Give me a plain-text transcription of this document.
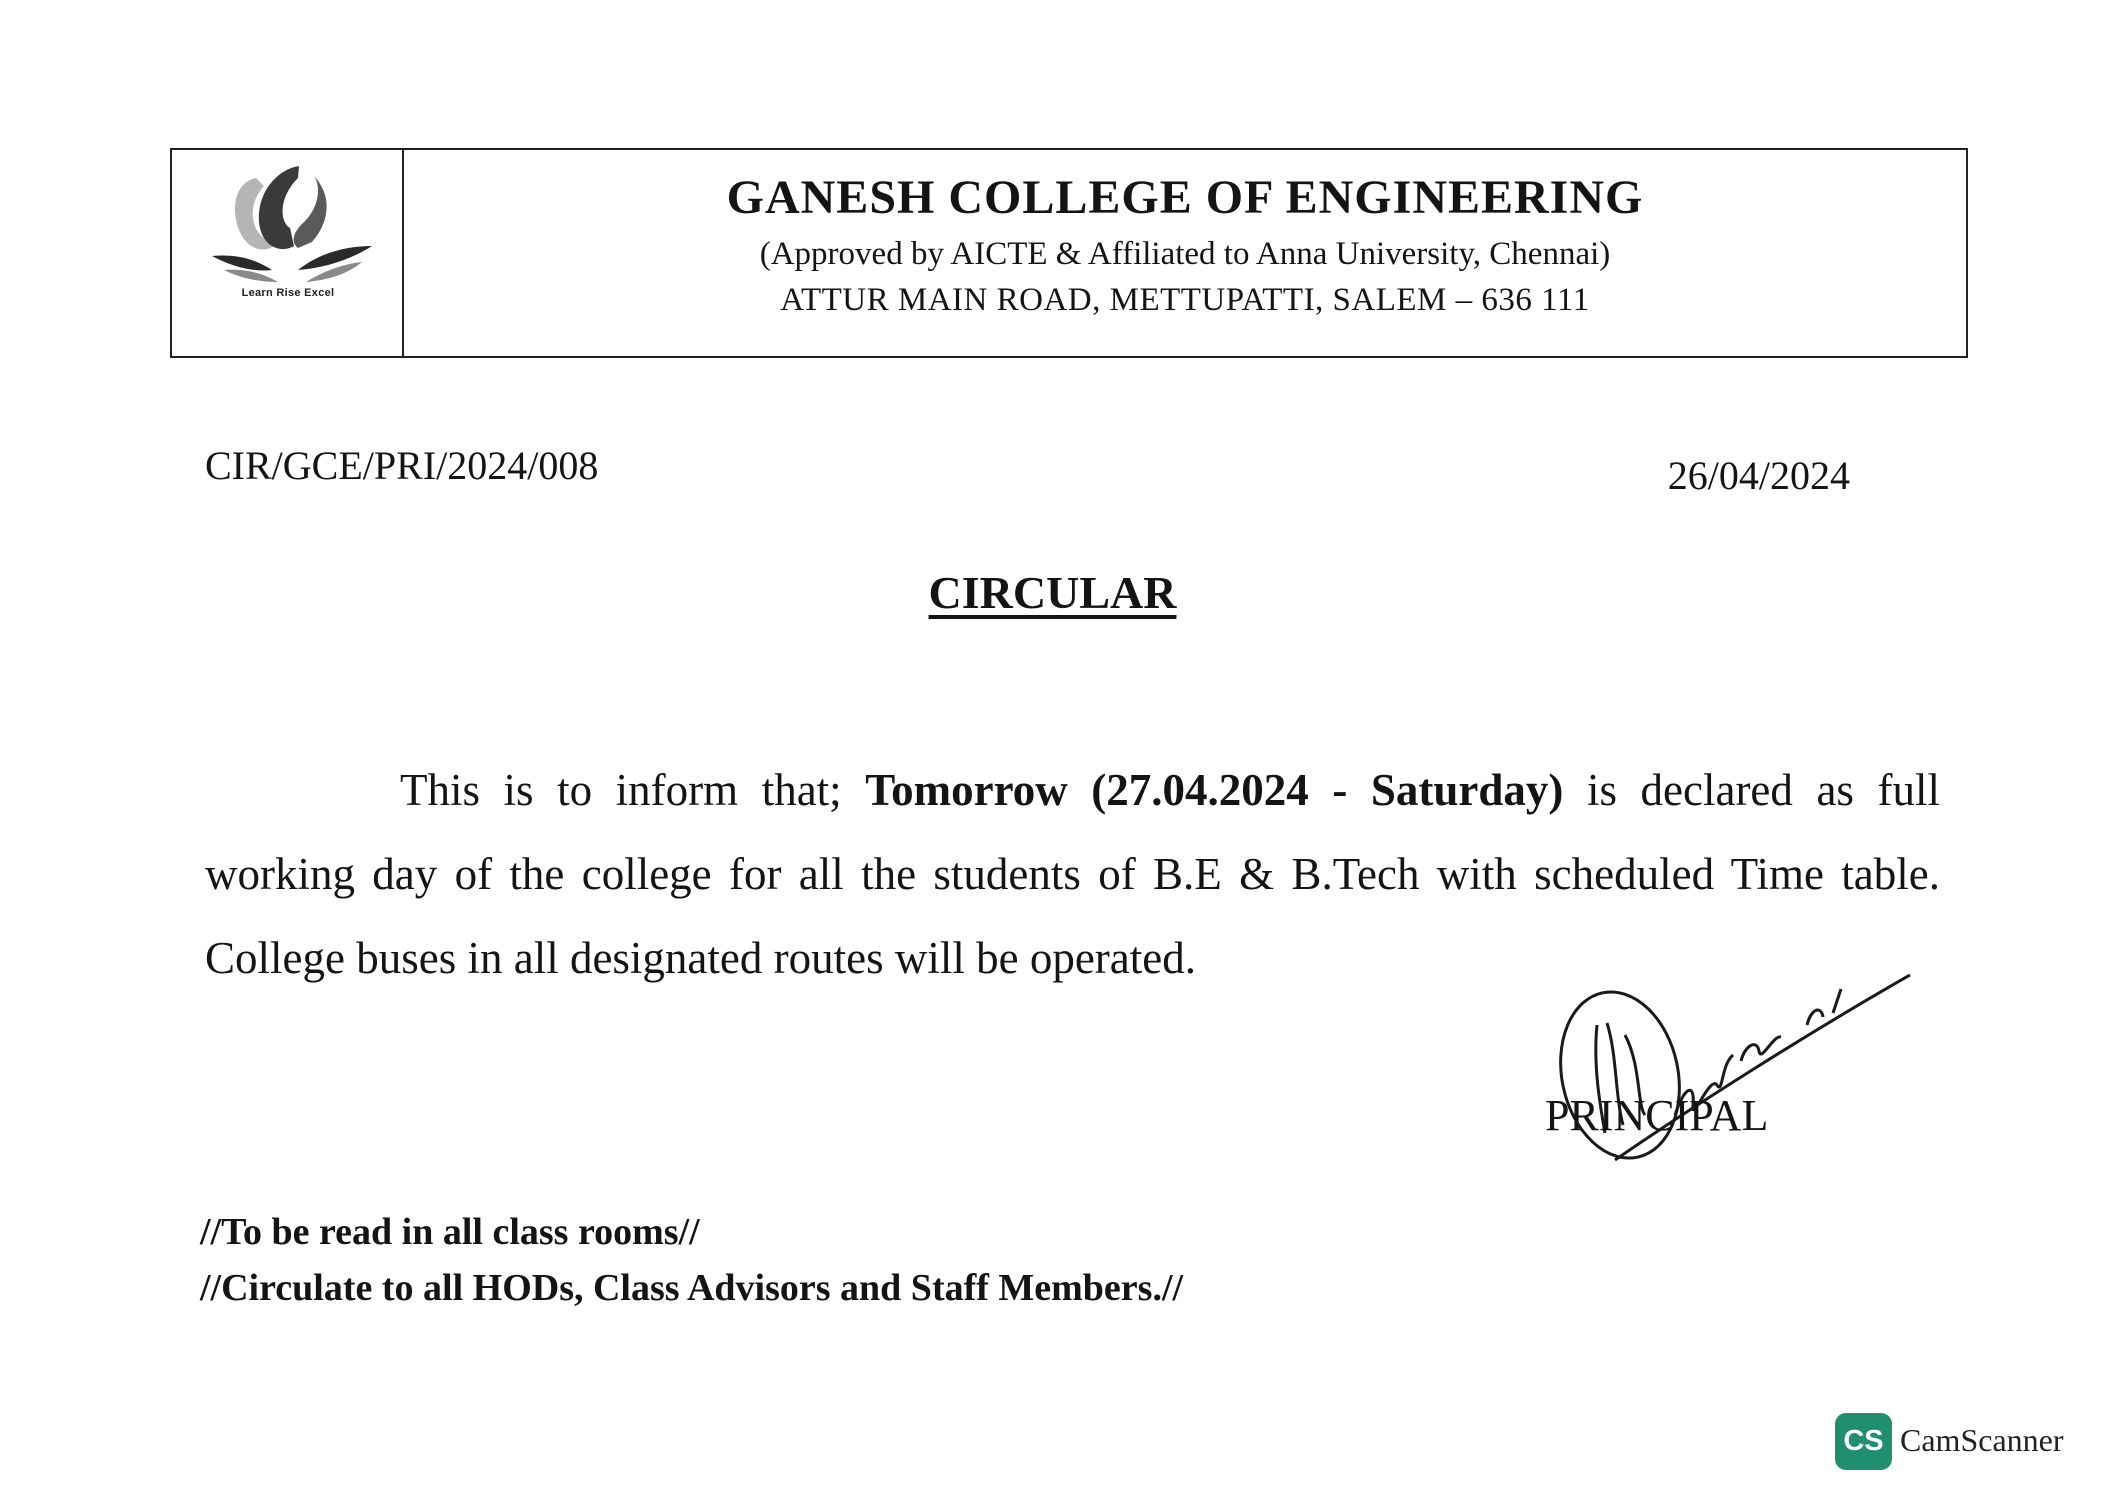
Learn Rise Excel
GANESH COLLEGE OF ENGINEERING
(Approved by AICTE & Affiliated to Anna University, Chennai)
ATTUR MAIN ROAD, METTUPATTI, SALEM – 636 111
CIR/GCE/PRI/2024/008	26/04/2024
CIRCULAR

This is to inform that; Tomorrow (27.04.2024 - Saturday) is declared as full working day of the college for all the students of B.E & B.Tech with scheduled Time table. College buses in all designated routes will be operated.

PRINCIPAL
//To be read in all class rooms//
//Circulate to all HODs, Class Advisors and Staff Members.//
CS CamScanner
